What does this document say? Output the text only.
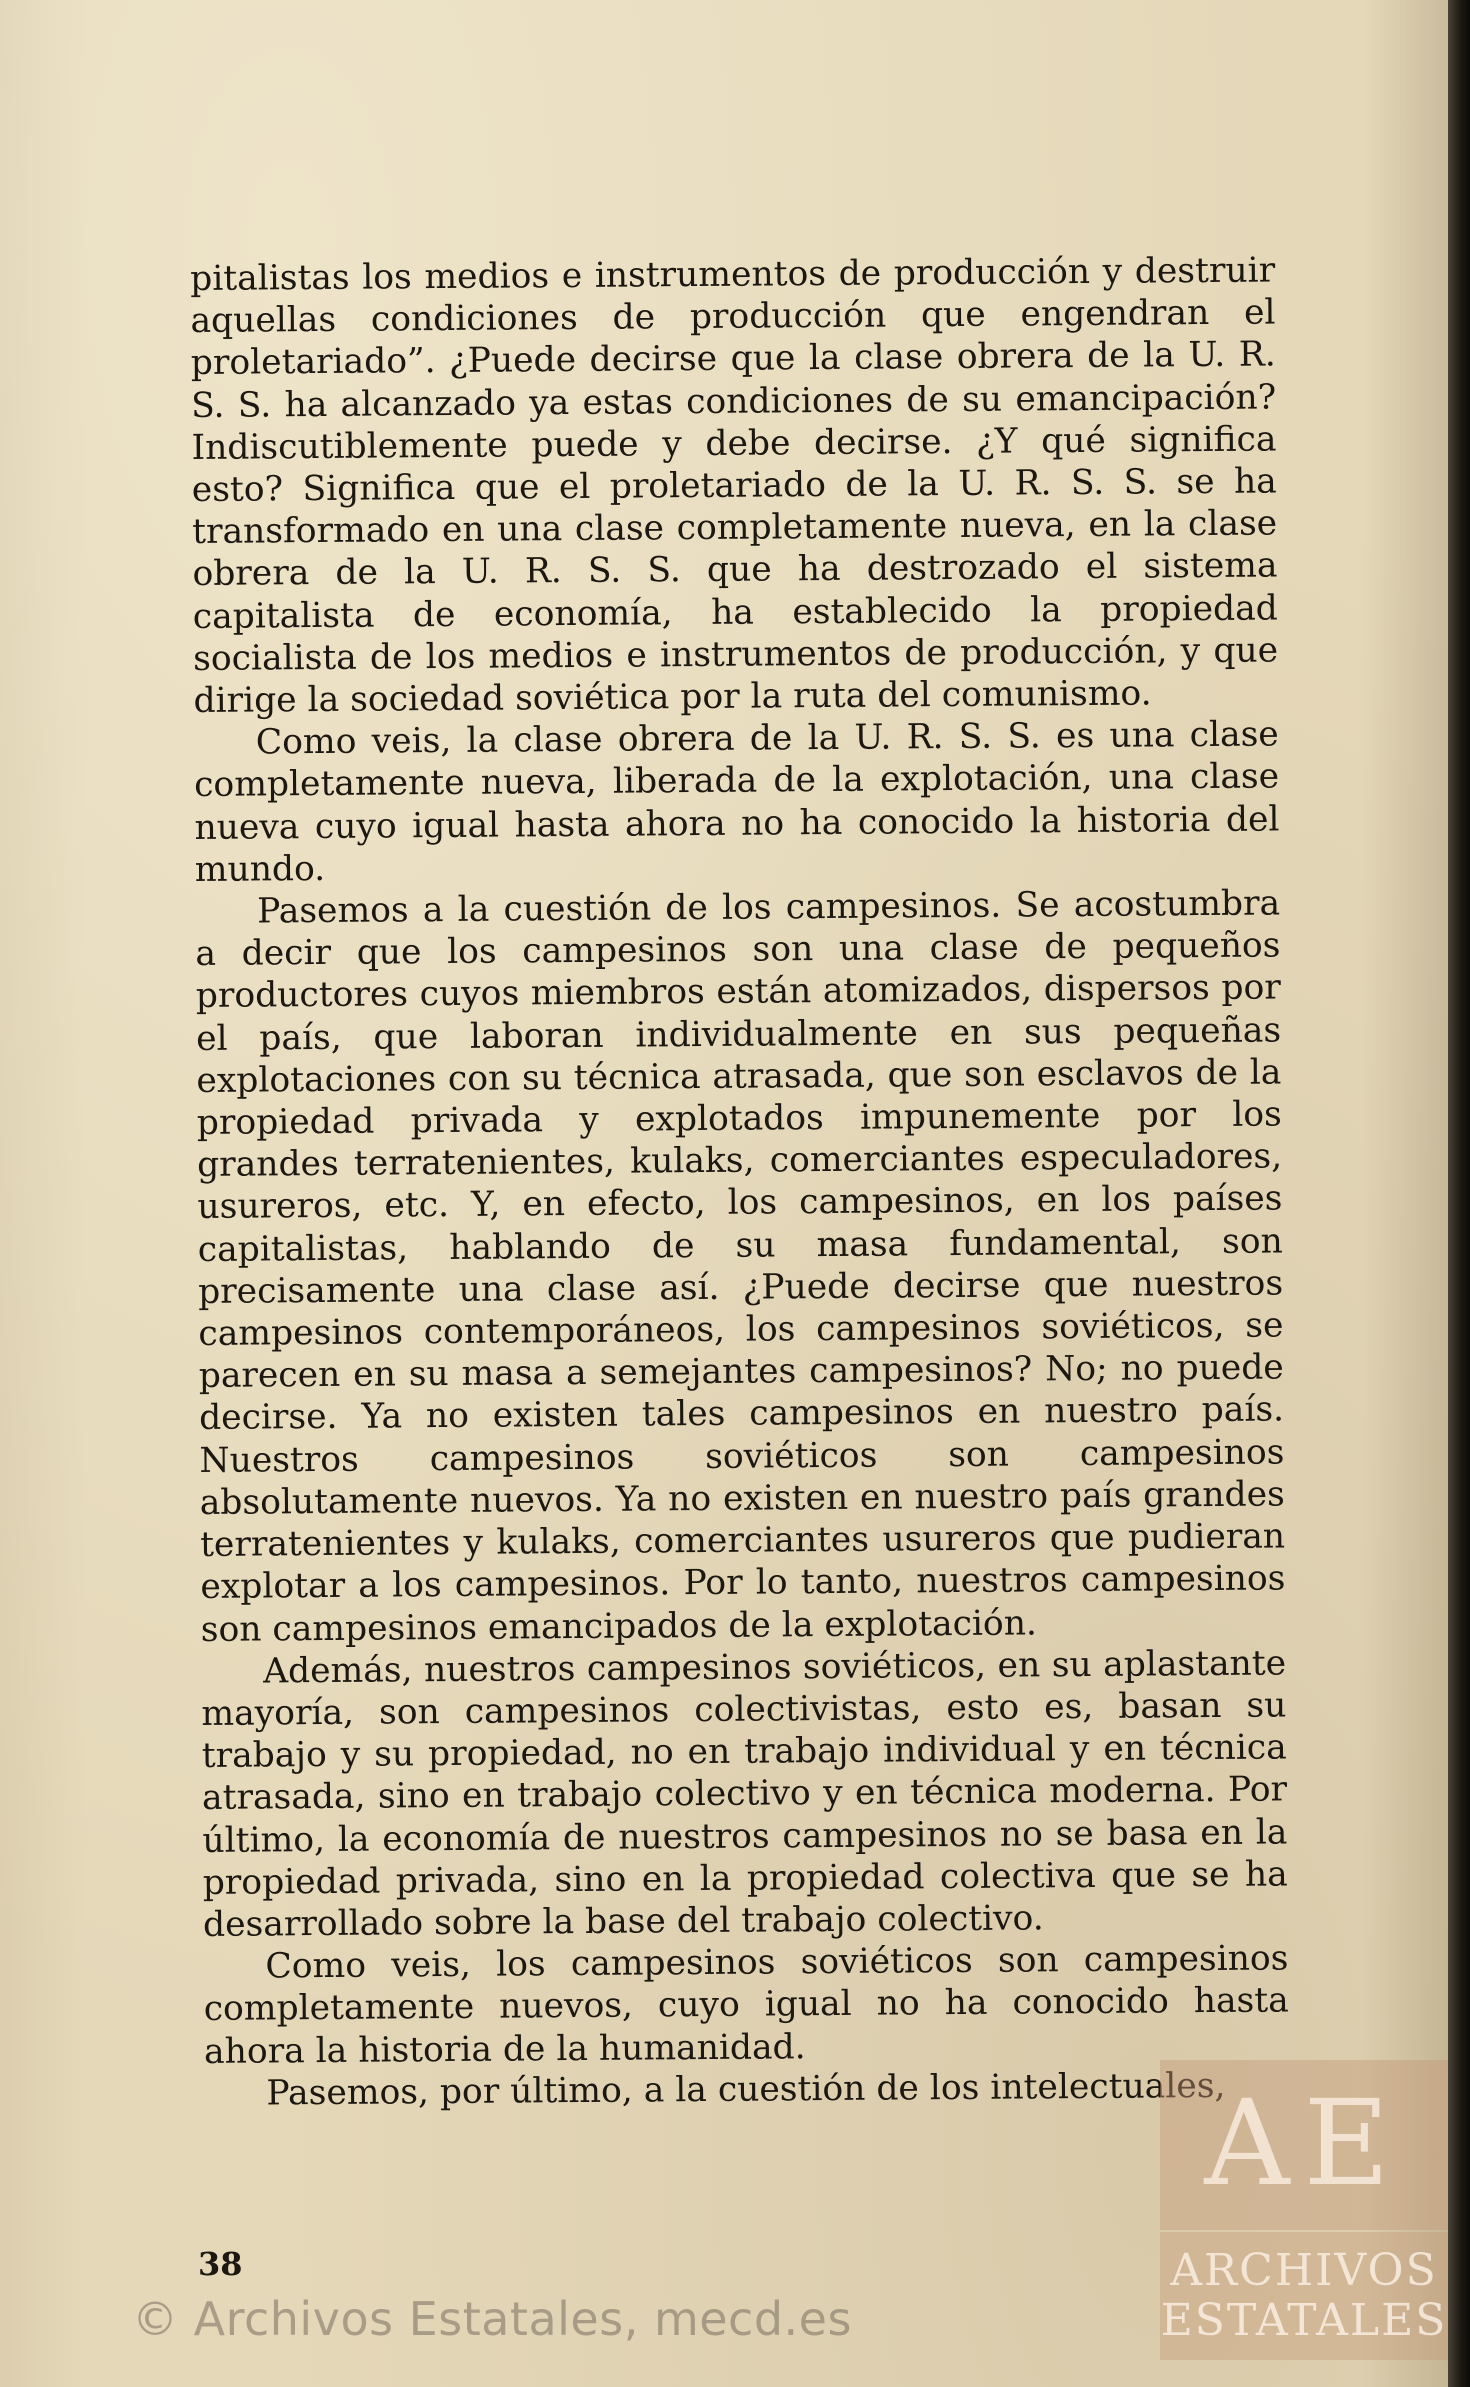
pitalistas los medios e instrumentos de producción y destruir aquellas condiciones de producción que engendran el proletariado”. ¿Puede decirse que la clase obrera de la U. R. S. S. ha alcanzado ya estas condiciones de su emancipación? Indiscutiblemente puede y debe decirse. ¿Y qué significa esto? Significa que el proletariado de la U. R. S. S. se ha transformado en una clase completamente nueva, en la clase obrera de la U. R. S. S. que ha destrozado el sistema capitalista de economía, ha establecido la propiedad socialista de los medios e instrumentos de producción, y que dirige la sociedad soviética por la ruta del comunismo.

Como veis, la clase obrera de la U. R. S. S. es una clase completamente nueva, liberada de la explotación, una clase nueva cuyo igual hasta ahora no ha conocido la historia del mundo.

Pasemos a la cuestión de los campesinos. Se acostumbra a decir que los campesinos son una clase de pequeños productores cuyos miembros están atomizados, dispersos por el país, que laboran individualmente en sus pequeñas explotaciones con su técnica atrasada, que son esclavos de la propiedad privada y explotados impunemente por los grandes terratenientes, kulaks, comerciantes especuladores, usureros, etc. Y, en efecto, los campesinos, en los países capitalistas, hablando de su masa fundamental, son precisamente una clase así. ¿Puede decirse que nuestros campesinos contemporáneos, los campesinos soviéticos, se parecen en su masa a semejantes campesinos? No; no puede decirse. Ya no existen tales campesinos en nuestro país. Nuestros campesinos soviéticos son campesinos absolutamente nuevos. Ya no existen en nuestro país grandes terratenientes y kulaks, comerciantes usureros que pudieran explotar a los campesinos. Por lo tanto, nuestros campesinos son campesinos emancipados de la explotación.

Además, nuestros campesinos soviéticos, en su aplastante mayoría, son campesinos colectivistas, esto es, basan su trabajo y su propiedad, no en trabajo individual y en técnica atrasada, sino en trabajo colectivo y en técnica moderna. Por último, la economía de nuestros campesinos no se basa en la propiedad privada, sino en la propiedad colectiva que se ha desarrollado sobre la base del trabajo colectivo.

Como veis, los campesinos soviéticos son campesinos completamente nuevos, cuyo igual no ha conocido hasta ahora la historia de la humanidad.

Pasemos, por último, a la cuestión de los intelectuales,

38
© Archivos Estatales, mecd.es
AE
ARCHIVOS
ESTATALES
